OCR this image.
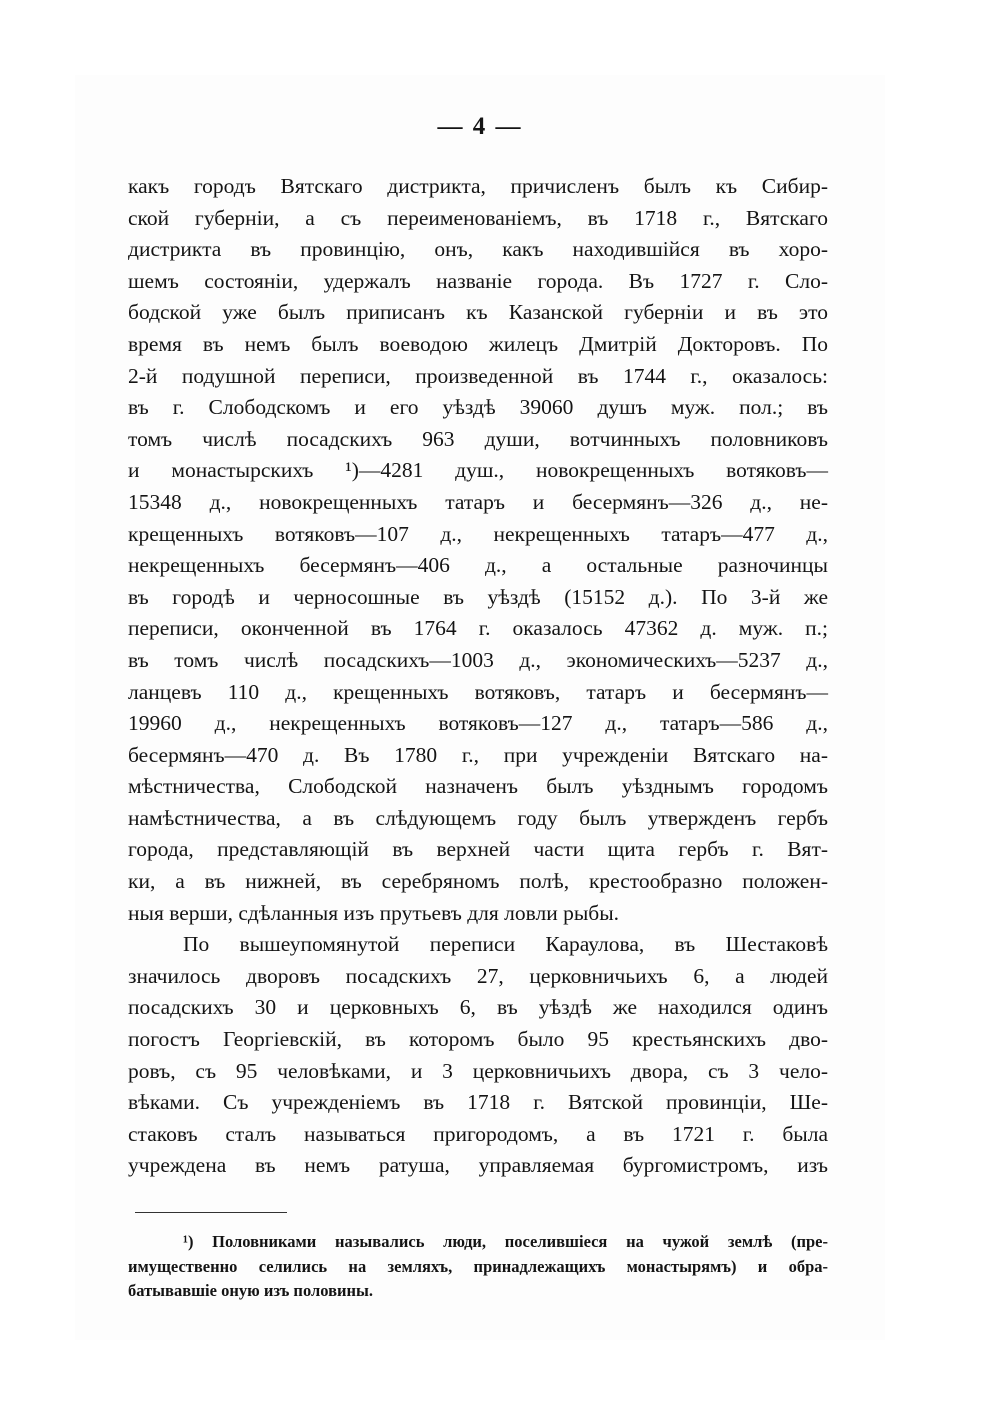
— 4 —
какъ городъ Вятскаго дистрикта, причисленъ былъ къ Сибир-
ской губерніи, а съ переименованіемъ, въ 1718 г., Вятскаго
дистрикта въ провинцію, онъ, какъ находившійся въ хоро-
шемъ состояніи, удержалъ названіе города. Въ 1727 г. Сло-
бодской уже былъ приписанъ къ Казанской губерніи и въ это
время въ немъ былъ воеводою жилецъ Дмитрій Докторовъ. По
2-й подушной переписи, произведенной въ 1744 г., оказалось:
въ г. Слободскомъ и его уѣздѣ 39060 душъ муж. пол.; въ
томъ числѣ посадскихъ 963 души, вотчинныхъ половниковъ
и монастырскихъ ¹)—4281 душ., новокрещенныхъ вотяковъ—
15348 д., новокрещенныхъ татаръ и бесермянъ—326 д., не-
крещенныхъ вотяковъ—107 д., некрещенныхъ татаръ—477 д.,
некрещенныхъ бесермянъ—406 д., а остальные разночинцы
въ городѣ и черносошные въ уѣздѣ (15152 д.). По 3-й же
переписи, оконченной въ 1764 г. оказалось 47362 д. муж. п.;
въ томъ числѣ посадскихъ—1003 д., экономическихъ—5237 д.,
ланцевъ 110 д., крещенныхъ вотяковъ, татаръ и бесермянъ—
19960 д., некрещенныхъ вотяковъ—127 д., татаръ—586 д.,
бесермянъ—470 д. Въ 1780 г., при учрежденіи Вятскаго на-
мѣстничества, Слободской назначенъ былъ уѣзднымъ городомъ
намѣстничества, а въ слѣдующемъ году былъ утвержденъ гербъ
города, представляющій въ верхней части щита гербъ г. Вят-
ки, а въ нижней, въ серебряномъ полѣ, крестообразно положен-
ныя верши, сдѣланныя изъ прутьевъ для ловли рыбы.
По вышеупомянутой переписи Караулова, въ Шестаковѣ
значилось дворовъ посадскихъ 27, церковничьихъ 6, а людей
посадскихъ 30 и церковныхъ 6, въ уѣздѣ же находился одинъ
погостъ Георгіевскій, въ которомъ было 95 крестьянскихъ дво-
ровъ, съ 95 человѣками, и 3 церковничьихъ двора, съ 3 чело-
вѣками. Съ учрежденіемъ въ 1718 г. Вятской провинціи, Ше-
стаковъ сталъ называться пригородомъ, а въ 1721 г. была
учреждена въ немъ ратуша, управляемая бургомистромъ, изъ
¹) Половниками назывались люди, поселившіеся на чужой землѣ (пре-
имущественно селились на земляхъ, принадлежащихъ монастырямъ) и обра-
батывавшіе оную изъ половины.
